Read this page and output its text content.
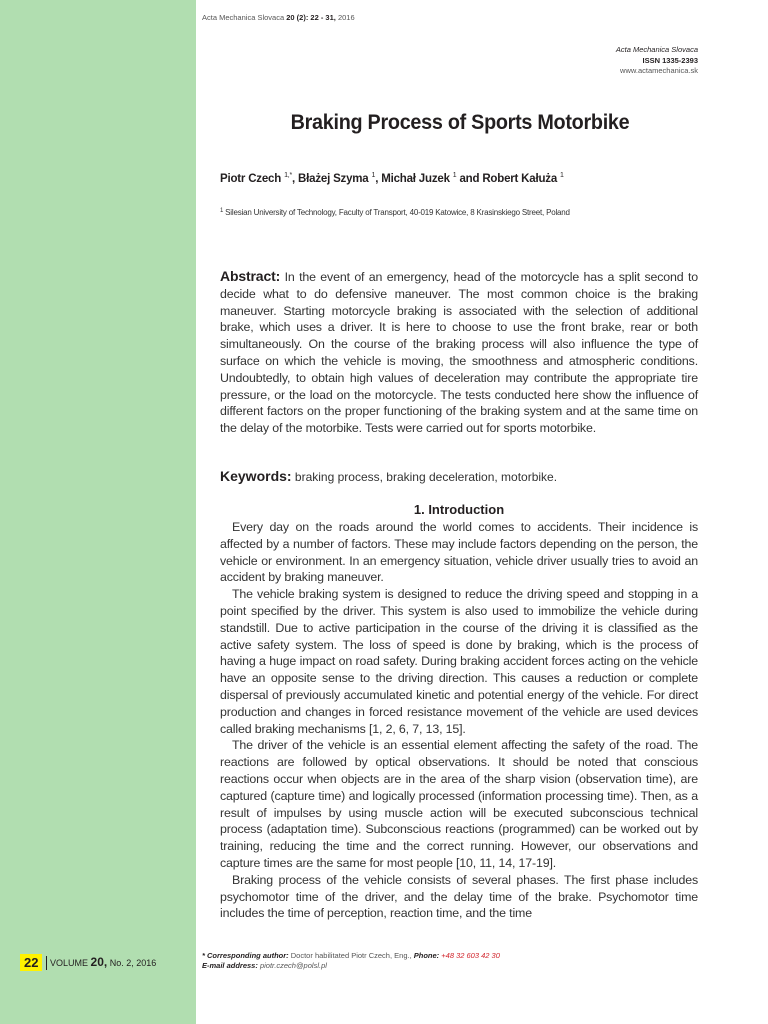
Acta Mechanica Slovaca 20 (2): 22 - 31, 2016
Acta Mechanica Slovaca
ISSN 1335-2393
www.actamechanica.sk
Braking Process of Sports Motorbike
Piotr Czech $^{1,*}$, Błażej Szyma $^1$, Michał Juzek $^1$ and Robert Kałuża $^1$
$^1$ Silesian University of Technology, Faculty of Transport, 40-019 Katowice, 8 Krasinskiego Street, Poland
Abstract: In the event of an emergency, head of the motorcycle has a split second to decide what to do defensive maneuver. The most common choice is the braking maneuver. Starting motorcycle braking is associated with the selection of additional brake, which uses a driver. It is here to choose to use the front brake, rear or both simultaneously. On the course of the braking process will also influence the type of surface on which the vehicle is moving, the smoothness and atmospheric conditions. Undoubtedly, to obtain high values of deceleration may contribute the appropriate tire pressure, or the load on the motorcycle. The tests conducted here show the influence of different factors on the proper functioning of the braking system and at the same time on the delay of the motorbike. Tests were carried out for sports motorbike.
Keywords: braking process, braking deceleration, motorbike.
1. Introduction

Every day on the roads around the world comes to accidents. Their incidence is affected by a number of factors. These may include factors depending on the person, the vehicle or environment. In an emergency situation, vehicle driver usually tries to avoid an accident by braking maneuver.

The vehicle braking system is designed to reduce the driving speed and stopping in a point specified by the driver. This system is also used to immobilize the vehicle during standstill. Due to active participation in the course of the driving it is classified as the active safety system. The loss of speed is done by braking, which is the process of having a huge impact on road safety. During braking accident forces acting on the vehicle have an opposite sense to the driving direction. This causes a reduction or complete dispersal of previously accumulated kinetic and potential energy of the vehicle. For direct production and changes in forced resistance movement of the vehicle are used devices called braking mechanisms [1, 2, 6, 7, 13, 15].

The driver of the vehicle is an essential element affecting the safety of the road. The reactions are followed by optical observations. It should be noted that conscious reactions occur when objects are in the area of the sharp vision (observation time), are captured (capture time) and logically processed (information processing time). Then, as a result of impulses by using muscle action will be executed subconscious technical process (adaptation time). Subconscious reactions (programmed) can be worked out by training, reducing the time and the correct running. However, our observations and capture times are the same for most people [10, 11, 14, 17-19].

Braking process of the vehicle consists of several phases. The first phase includes psychomotor time of the driver, and the delay time of the brake. Psychomotor time includes the time of perception, reaction time, and the time

* Corresponding author: Doctor habilitated Piotr Czech, Eng., Phone: +48 32 603 42 30
E-mail address: piotr.czech@polsl.pl
22	VOLUME 20, No. 2, 2016
